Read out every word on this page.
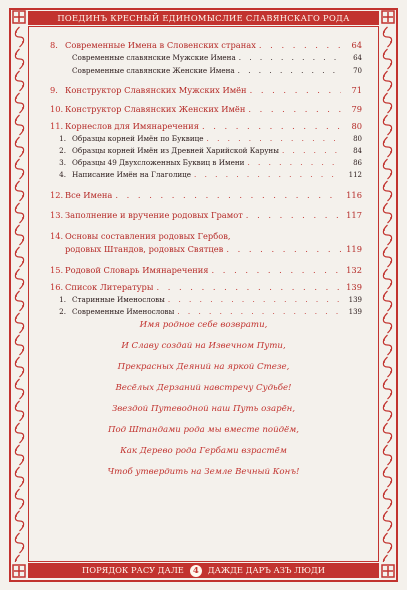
ПОЕДИНЪ КРЕСНЫЙ ЕДИНОМЫСЛИЕ СЛАВЯНСКАГО РОДА
ПОРЯДОК РАСУ ДАЛЕ	4	ДАЖДЕ ДАРЪ АЗЪ ЛЮДИ
8. Современные Имена в Словенских странах . . .	64
Современные славянские Мужские Имена . . .	64
Современные славянские Женские Имена . . .	70
9. Конструктор Славянских Мужских Имён . . .	71
10. Конструктор Славянских Женских Имён . . .	79
11. Корнеслов для Имянаречения . . .	80
1. Образцы корней Имён по Буквице . . .	80
2. Образцы корней Имён из Древней Харийской Каруны . . .	84
3. Образцы 49 Двухсложенных Буквиц в Имени . . .	86
4. Написание Имён на Глаголице . . .	112
12. Все Имена . . .	116
13. Заполнение и вручение родовых Грамот . . .	117
14. Основы составления родовых Гербов,
родовых Штандов, родовых Святцев . . .	119
15. Родовой Словарь Имянаречения . . .	132
16. Список Литературы . . .	139
1. Старинные Именословы . . .	139
2. Современные Именословы . . .	139
Имя родное себе возврати,
И Славу создай на Извечном Пути,
Прекрасных Деяний на яркой Стезе,
Весёлых Дерзаний навстречу Судьбе!
Звездой Путеводной наш Путь озарён,
Под Штандами рода мы вместе пойдём,
Как Дерево рода Гербами взрастём
Чтоб утвердить на Земле Вечный Конъ!
